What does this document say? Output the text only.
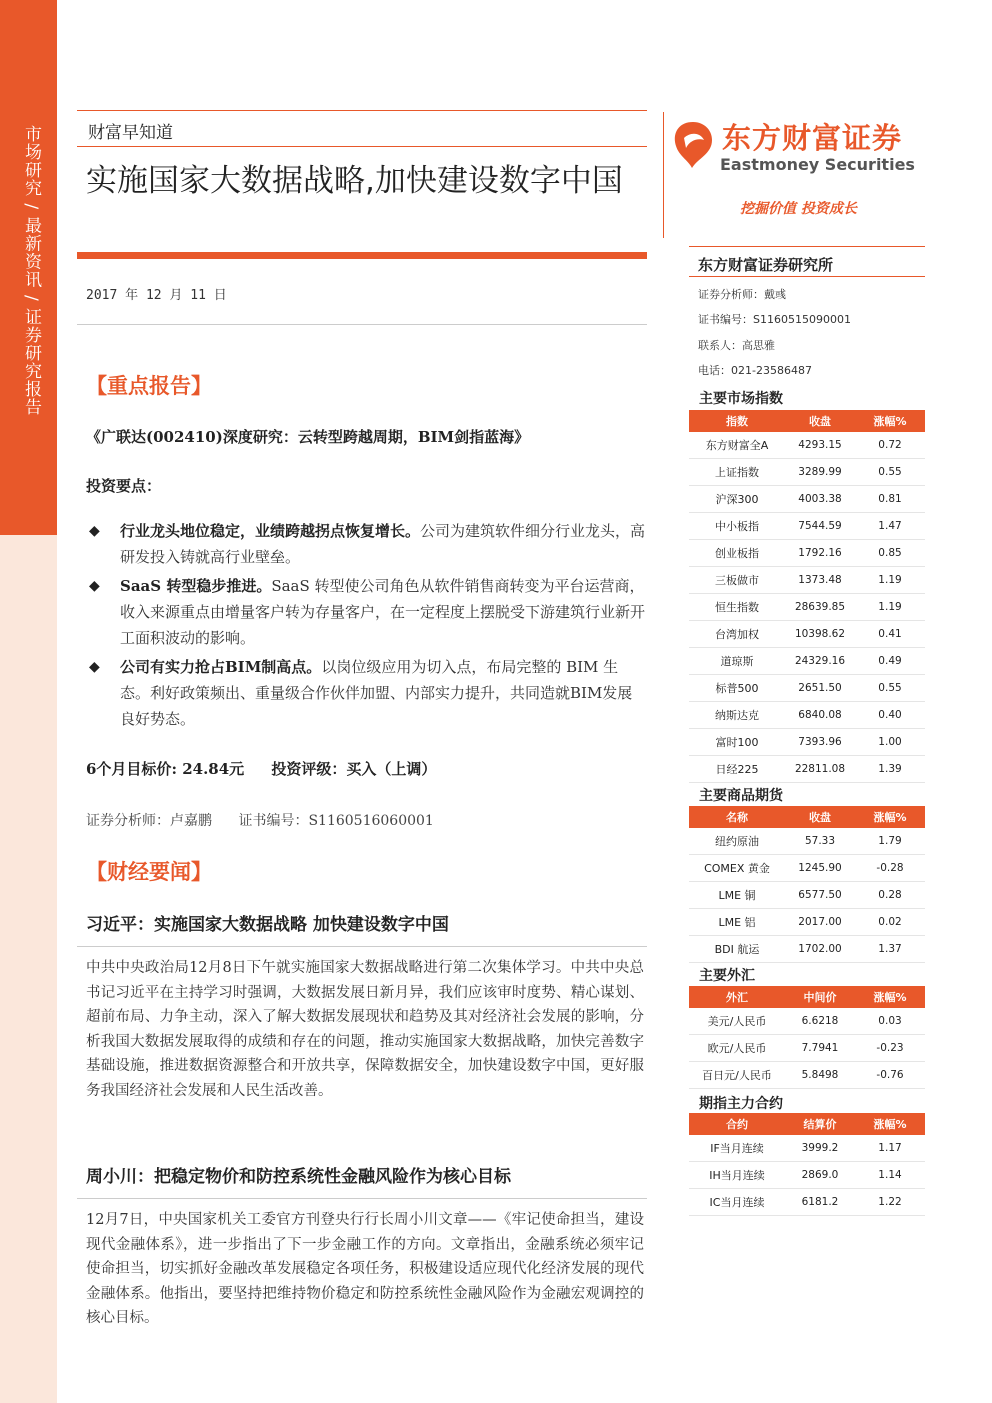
市场研究 / 最新资讯 / 证券研究报告	财富早知道
实施国家大数据战略,加快建设数字中国
2017 年 12 月 11 日
【重点报告】
《广联达(002410)深度研究：云转型跨越周期，BIM剑指蓝海》
投资要点：
◆ 行业龙头地位稳定，业绩跨越拐点恢复增长。公司为建筑软件细分行业龙头，高研发投入铸就高行业壁垒。
◆ SaaS 转型稳步推进。SaaS 转型使公司角色从软件销售商转变为平台运营商，收入来源重点由增量客户转为存量客户，在一定程度上摆脱受下游建筑行业新开工面积波动的影响。
◆ 公司有实力抢占BIM制高点。以岗位级应用为切入点，布局完整的 BIM 生态。利好政策频出、重量级合作伙伴加盟、内部实力提升，共同造就BIM发展良好势态。
6个月目标价: 24.84元 投资评级：买入（上调）
证券分析师：卢嘉鹏 证书编号：S1160516060001
【财经要闻】
习近平：实施国家大数据战略 加快建设数字中国
中共中央政治局12月8日下午就实施国家大数据战略进行第二次集体学习。中共中央总书记习近平在主持学习时强调，大数据发展日新月异，我们应该审时度势、精心谋划、超前布局、力争主动，深入了解大数据发展现状和趋势及其对经济社会发展的影响，分析我国大数据发展取得的成绩和存在的问题，推动实施国家大数据战略，加快完善数字基础设施，推进数据资源整合和开放共享，保障数据安全，加快建设数字中国，更好服务我国经济社会发展和人民生活改善。
周小川：把稳定物价和防控系统性金融风险作为核心目标
12月7日，中央国家机关工委官方刊登央行行长周小川文章——《牢记使命担当，建设现代金融体系》，进一步指出了下一步金融工作的方向。文章指出，金融系统必须牢记使命担当，切实抓好金融改革发展稳定各项任务，积极建设适应现代化经济发展的现代金融体系。他指出，要坚持把维持物价稳定和防控系统性金融风险作为金融宏观调控的核心目标。
东方财富证券
Eastmoney Securities
挖掘价值 投资成长
东方财富证券研究所
证券分析师：戴彧
证书编号：S1160515090001
联系人：高思雅
电话：021-23586487
主要市场指数
指数	收盘	涨幅%
东方财富全A	4293.15	0.72
上证指数	3289.99	0.55
沪深300	4003.38	0.81
中小板指	7544.59	1.47
创业板指	1792.16	0.85
三板做市	1373.48	1.19
恒生指数	28639.85	1.19
台湾加权	10398.62	0.41
道琼斯	24329.16	0.49
标普500	2651.50	0.55
纳斯达克	6840.08	0.40
富时100	7393.96	1.00
日经225	22811.08	1.39
主要商品期货
名称	收盘	涨幅%
纽约原油	57.33	1.79
COMEX 黄金	1245.90	-0.28
LME 铜	6577.50	0.28
LME 铝	2017.00	0.02
BDI 航运	1702.00	1.37
主要外汇
外汇	中间价	涨幅%
美元/人民币	6.6218	0.03
欧元/人民币	7.7941	-0.23
百日元/人民币	5.8498	-0.76
期指主力合约
合约	结算价	涨幅%
IF当月连续	3999.2	1.17
IH当月连续	2869.0	1.14
IC当月连续	6181.2	1.22
